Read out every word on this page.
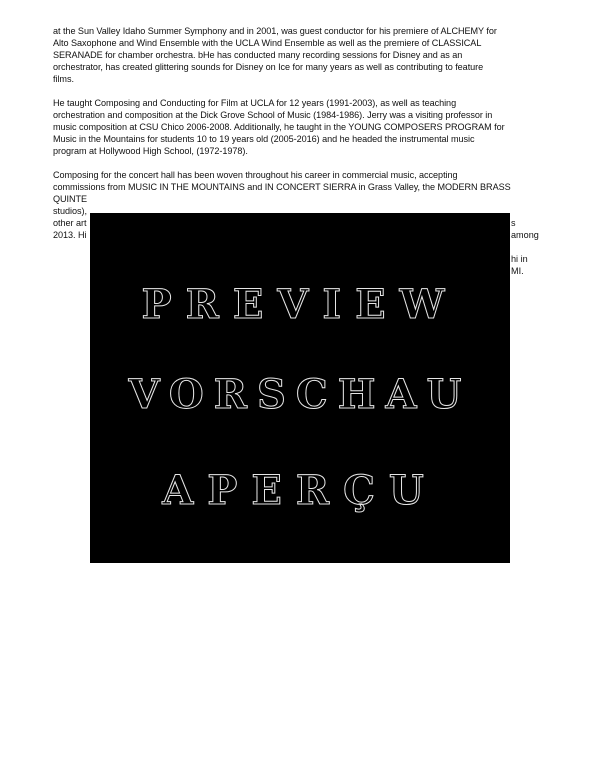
at the Sun Valley Idaho Summer Symphony and in 2001, was guest conductor for his premiere of ALCHEMY for
Alto Saxophone and Wind Ensemble with the UCLA Wind Ensemble as well as the premiere of CLASSICAL
SERANADE for chamber orchestra. bHe has conducted many recording sessions for Disney and as an
orchestrator, has created glittering sounds for Disney on Ice for many years as well as contributing to feature
films.
He taught Composing and Conducting for Film at UCLA for 12 years (1991-2003), as well as teaching
orchestration and composition at the Dick Grove School of Music (1984-1986). Jerry was a visiting professor in
music composition at CSU Chico 2006-2008. Additionally, he taught in the YOUNG COMPOSERS PROGRAM for
Music in the Mountains for students 10 to 19 years old (2005-2016) and he headed the instrumental music
program at Hollywood High School, (1972-1978).
Composing for the concert hall has been woven throughout his career in commercial music, accepting
commissions from MUSIC IN THE MOUNTAINS and IN CONCERT SIERRA in Grass Valley, the MODERN BRASS
QUINTE
studios),
other art
2013. Hi
s
among
hi in
MI.
PREVIEW
VORSCHAU
APERÇU
